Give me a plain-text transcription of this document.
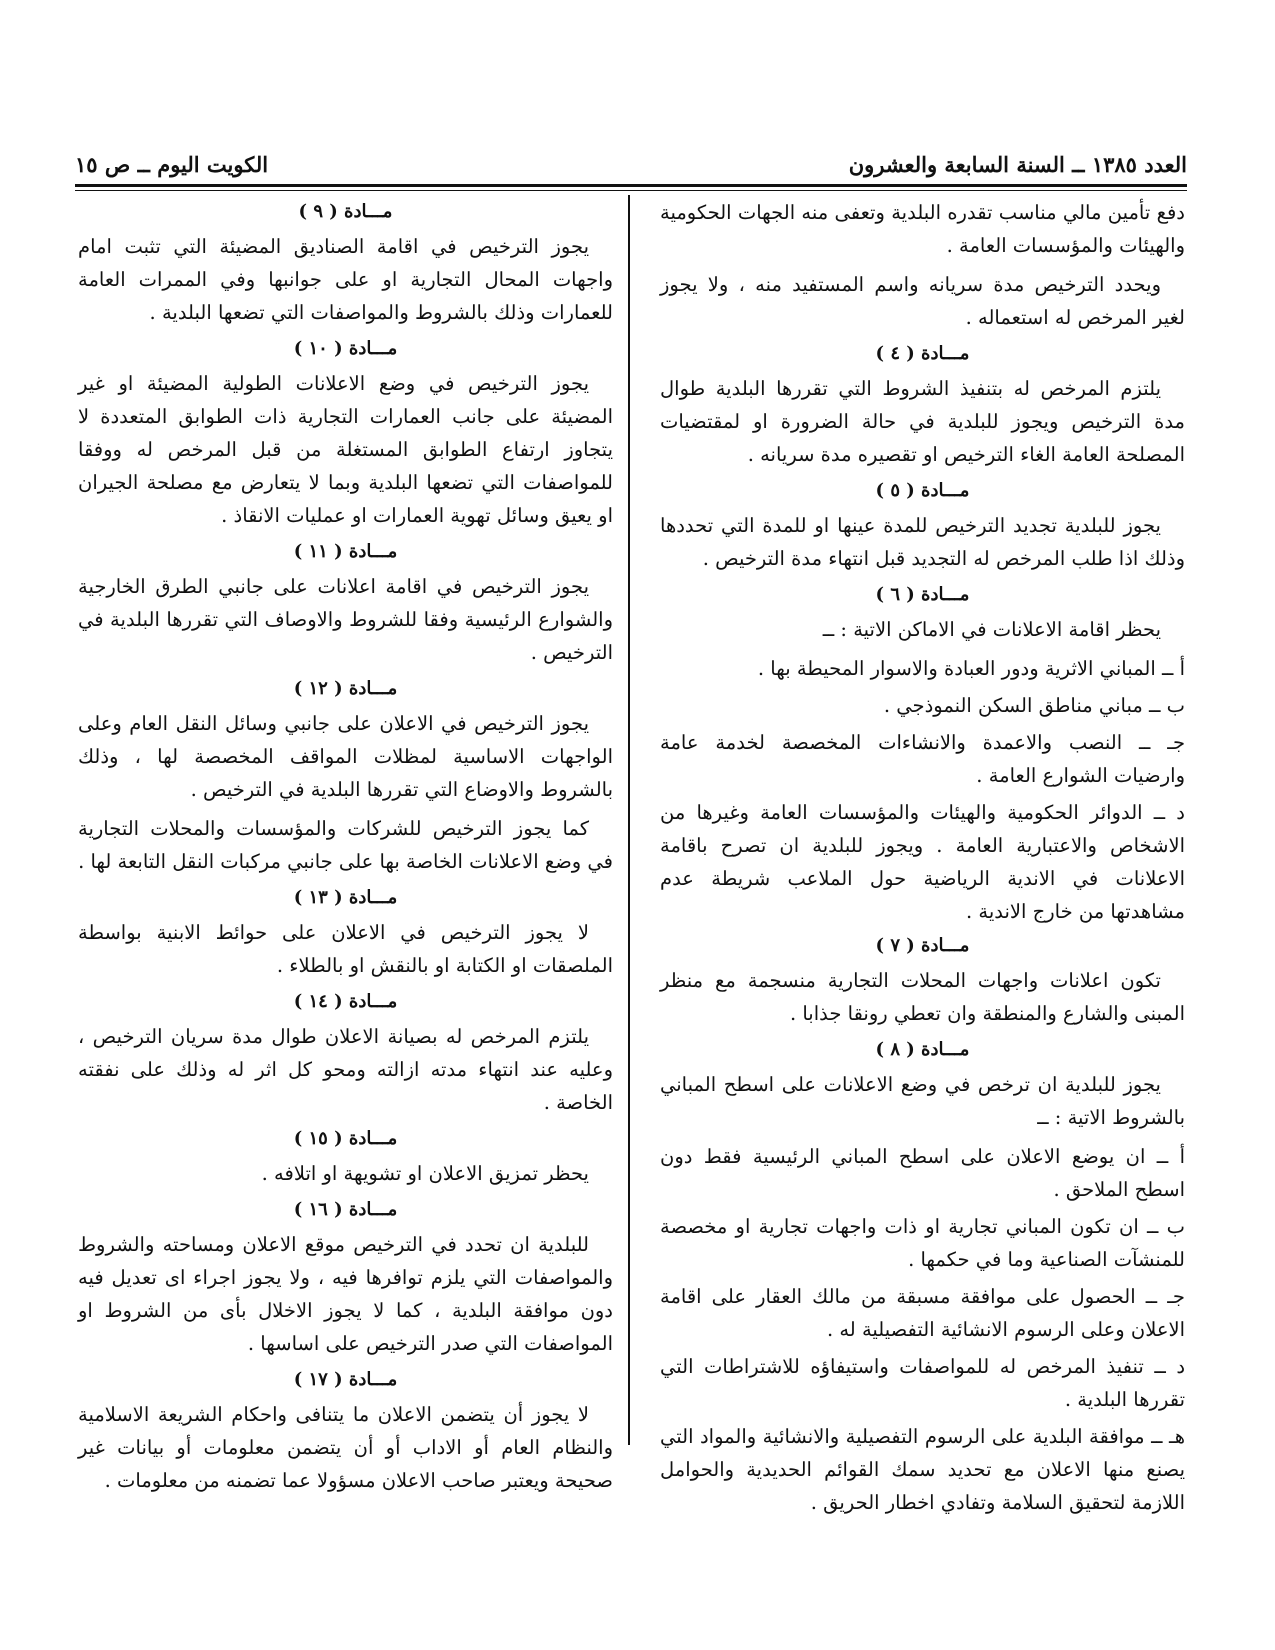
العدد ١٣٨٥ ــ السنة السابعة والعشرون
الكويت اليوم ــ ص ١٥
دفع تأمين مالي مناسب تقدره البلدية وتعفى منه الجهات الحكومية والهيئات والمؤسسات العامة .
ويحدد الترخيص مدة سريانه واسم المستفيد منه ، ولا يجوز لغير المرخص له استعماله .
مـــادة ( ٤ )
يلتزم المرخص له بتنفيذ الشروط التي تقررها البلدية طوال مدة الترخيص ويجوز للبلدية في حالة الضرورة او لمقتضيات المصلحة العامة الغاء الترخيص او تقصيره مدة سريانه .
مـــادة ( ٥ )
يجوز للبلدية تجديد الترخيص للمدة عينها او للمدة التي تحددها وذلك اذا طلب المرخص له التجديد قبل انتهاء مدة الترخيص .
مـــادة ( ٦ )
يحظر اقامة الاعلانات في الاماكن الاتية : ــ
أ ــ المباني الاثرية ودور العبادة والاسوار المحيطة بها .
ب ــ مباني مناطق السكن النموذجي .
جـ ــ النصب والاعمدة والانشاءات المخصصة لخدمة عامة وارضيات الشوارع العامة .
د ــ الدوائر الحكومية والهيئات والمؤسسات العامة وغيرها من الاشخاص والاعتبارية العامة . ويجوز للبلدية ان تصرح باقامة الاعلانات في الاندية الرياضية حول الملاعب شريطة عدم مشاهدتها من خارج الاندية .
مـــادة ( ٧ )
تكون اعلانات واجهات المحلات التجارية منسجمة مع منظر المبنى والشارع والمنطقة وان تعطي رونقا جذابا .
مـــادة ( ٨ )
يجوز للبلدية ان ترخص في وضع الاعلانات على اسطح المباني بالشروط الاتية : ــ
أ ــ ان يوضع الاعلان على اسطح المباني الرئيسية فقط دون اسطح الملاحق .
ب ــ ان تكون المباني تجارية او ذات واجهات تجارية او مخصصة للمنشآت الصناعية وما في حكمها .
جـ ــ الحصول على موافقة مسبقة من مالك العقار على اقامة الاعلان وعلى الرسوم الانشائية التفصيلية له .
د ــ تنفيذ المرخص له للمواصفات واستيفاؤه للاشتراطات التي تقررها البلدية .
هـ ــ موافقة البلدية على الرسوم التفصيلية والانشائية والمواد التي يصنع منها الاعلان مع تحديد سمك القوائم الحديدية والحوامل اللازمة لتحقيق السلامة وتفادي اخطار الحريق .
مـــادة ( ٩ )
يجوز الترخيص في اقامة الصناديق المضيئة التي تثبت امام واجهات المحال التجارية او على جوانبها وفي الممرات العامة للعمارات وذلك بالشروط والمواصفات التي تضعها البلدية .
مـــادة ( ١٠ )
يجوز الترخيص في وضع الاعلانات الطولية المضيئة او غير المضيئة على جانب العمارات التجارية ذات الطوابق المتعددة لا يتجاوز ارتفاع الطوابق المستغلة من قبل المرخص له ووفقا للمواصفات التي تضعها البلدية وبما لا يتعارض مع مصلحة الجيران او يعيق وسائل تهوية العمارات او عمليات الانقاذ .
مـــادة ( ١١ )
يجوز الترخيص في اقامة اعلانات على جانبي الطرق الخارجية والشوارع الرئيسية وفقا للشروط والاوصاف التي تقررها البلدية في الترخيص .
مـــادة ( ١٢ )
يجوز الترخيص في الاعلان على جانبي وسائل النقل العام وعلى الواجهات الاساسية لمظلات المواقف المخصصة لها ، وذلك بالشروط والاوضاع التي تقررها البلدية في الترخيص .
كما يجوز الترخيص للشركات والمؤسسات والمحلات التجارية في وضع الاعلانات الخاصة بها على جانبي مركبات النقل التابعة لها .
مـــادة ( ١٣ )
لا يجوز الترخيص في الاعلان على حوائط الابنية بواسطة الملصقات او الكتابة او بالنقش او بالطلاء .
مـــادة ( ١٤ )
يلتزم المرخص له بصيانة الاعلان طوال مدة سريان الترخيص ، وعليه عند انتهاء مدته ازالته ومحو كل اثر له وذلك على نفقته الخاصة .
مـــادة ( ١٥ )
يحظر تمزيق الاعلان او تشويهة او اتلافه .
مـــادة ( ١٦ )
للبلدية ان تحدد في الترخيص موقع الاعلان ومساحته والشروط والمواصفات التي يلزم توافرها فيه ، ولا يجوز اجراء اى تعديل فيه دون موافقة البلدية ، كما لا يجوز الاخلال بأى من الشروط او المواصفات التي صدر الترخيص على اساسها .
مـــادة ( ١٧ )
لا يجوز أن يتضمن الاعلان ما يتنافى واحكام الشريعة الاسلامية والنظام العام أو الاداب أو أن يتضمن معلومات أو بيانات غير صحيحة ويعتبر صاحب الاعلان مسؤولا عما تضمنه من معلومات .
